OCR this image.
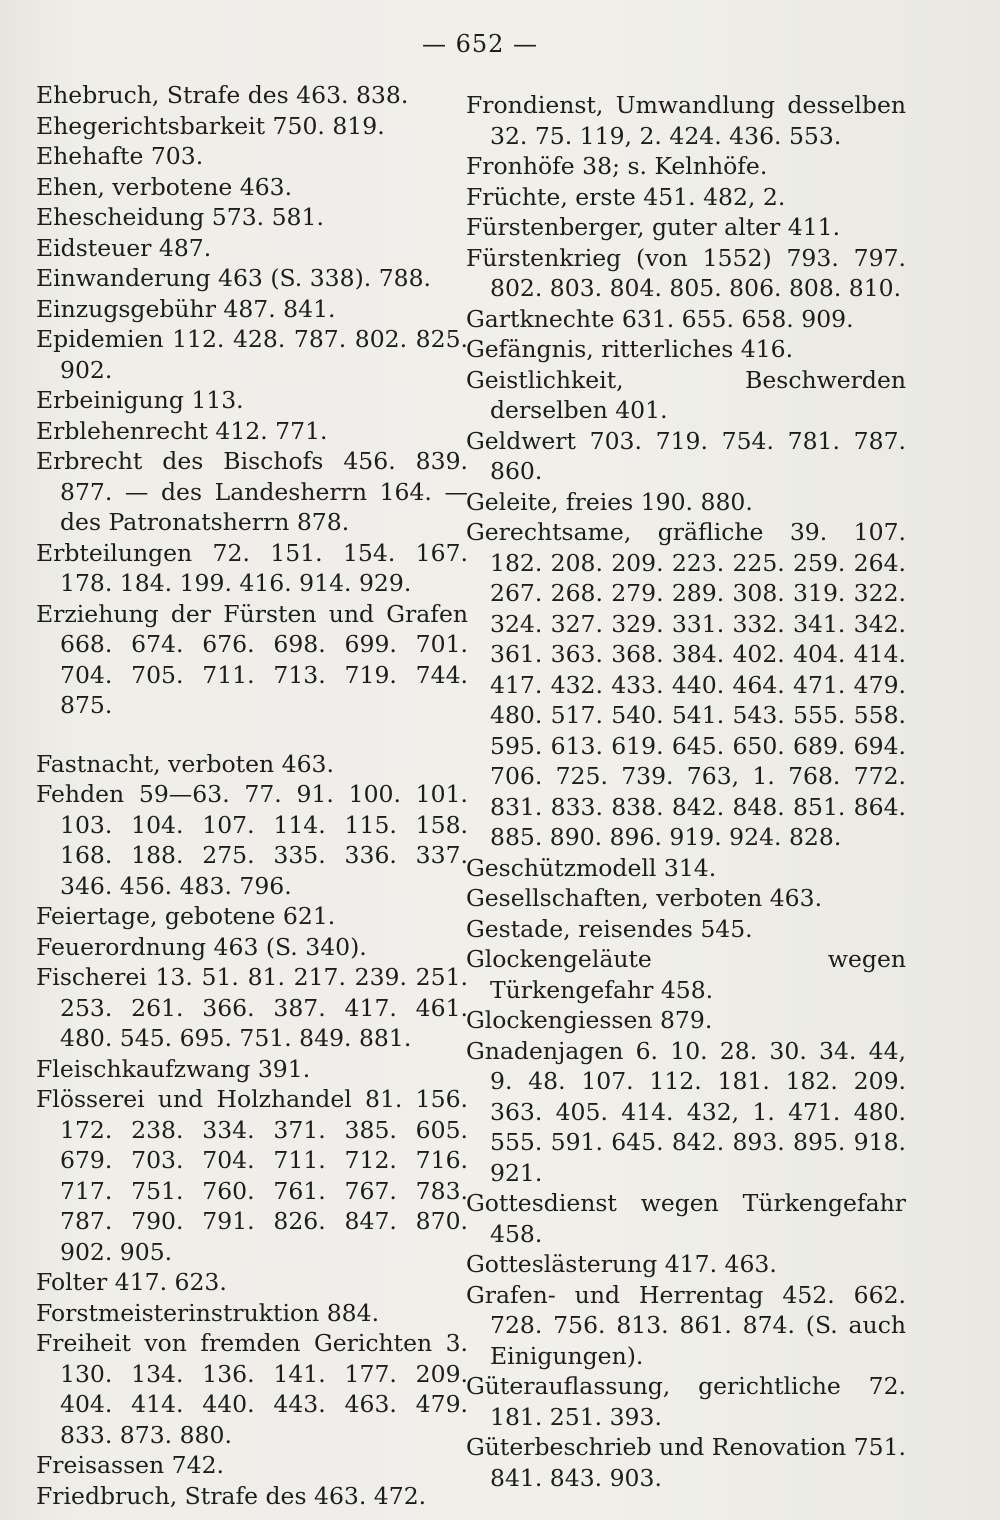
— 652 —

Ehebruch, Strafe des 463. 838.

Ehegerichtsbarkeit 750. 819.

Ehehafte 703.

Ehen, verbotene 463.

Ehescheidung 573. 581.

Eidsteuer 487.

Einwanderung 463 (S. 338). 788.

Einzugsgebühr 487. 841.

Epidemien 112. 428. 787. 802. 825. 902.

Erbeinigung 113.

Erblehenrecht 412. 771.

Erbrecht des Bischofs 456. 839. 877. — des Landesherrn 164. — des Patronatsherrn 878.

Erbteilungen 72. 151. 154. 167. 178. 184. 199. 416. 914. 929.

Erziehung der Fürsten und Grafen 668. 674. 676. 698. 699. 701. 704. 705. 711. 713. 719. 744. 875.

Fastnacht, verboten 463.

Fehden 59—63. 77. 91. 100. 101. 103. 104. 107. 114. 115. 158. 168. 188. 275. 335. 336. 337. 346. 456. 483. 796.

Feiertage, gebotene 621.

Feuerordnung 463 (S. 340).

Fischerei 13. 51. 81. 217. 239. 251. 253. 261. 366. 387. 417. 461. 480. 545. 695. 751. 849. 881.

Fleischkaufzwang 391.

Flösserei und Holzhandel 81. 156. 172. 238. 334. 371. 385. 605. 679. 703. 704. 711. 712. 716. 717. 751. 760. 761. 767. 783. 787. 790. 791. 826. 847. 870. 902. 905.

Folter 417. 623.

Forstmeisterinstruktion 884.

Freiheit von fremden Gerichten 3. 130. 134. 136. 141. 177. 209. 404. 414. 440. 443. 463. 479. 833. 873. 880.

Freisassen 742.

Friedbruch, Strafe des 463. 472.

Frondienst, Umwandlung desselben 32. 75. 119, 2. 424. 436. 553.

Fronhöfe 38; s. Kelnhöfe.

Früchte, erste 451. 482, 2.

Fürstenberger, guter alter 411.

Fürstenkrieg (von 1552) 793. 797. 802. 803. 804. 805. 806. 808. 810.

Gartknechte 631. 655. 658. 909.

Gefängnis, ritterliches 416.

Geistlichkeit, Beschwerden derselben 401.

Geldwert 703. 719. 754. 781. 787. 860.

Geleite, freies 190. 880.

Gerechtsame, gräfliche 39. 107. 182. 208. 209. 223. 225. 259. 264. 267. 268. 279. 289. 308. 319. 322. 324. 327. 329. 331. 332. 341. 342. 361. 363. 368. 384. 402. 404. 414. 417. 432. 433. 440. 464. 471. 479. 480. 517. 540. 541. 543. 555. 558. 595. 613. 619. 645. 650. 689. 694. 706. 725. 739. 763, 1. 768. 772. 831. 833. 838. 842. 848. 851. 864. 885. 890. 896. 919. 924. 828.

Geschützmodell 314.

Gesellschaften, verboten 463.

Gestade, reisendes 545.

Glockengeläute wegen Türkengefahr 458.

Glockengiessen 879.

Gnadenjagen 6. 10. 28. 30. 34. 44, 9. 48. 107. 112. 181. 182. 209. 363. 405. 414. 432, 1. 471. 480. 555. 591. 645. 842. 893. 895. 918. 921.

Gottesdienst wegen Türkengefahr 458.

Gotteslästerung 417. 463.

Grafen- und Herrentag 452. 662. 728. 756. 813. 861. 874. (S. auch Einigungen).

Güterauflassung, gerichtliche 72. 181. 251. 393.

Güterbeschrieb und Renovation 751. 841. 843. 903.
